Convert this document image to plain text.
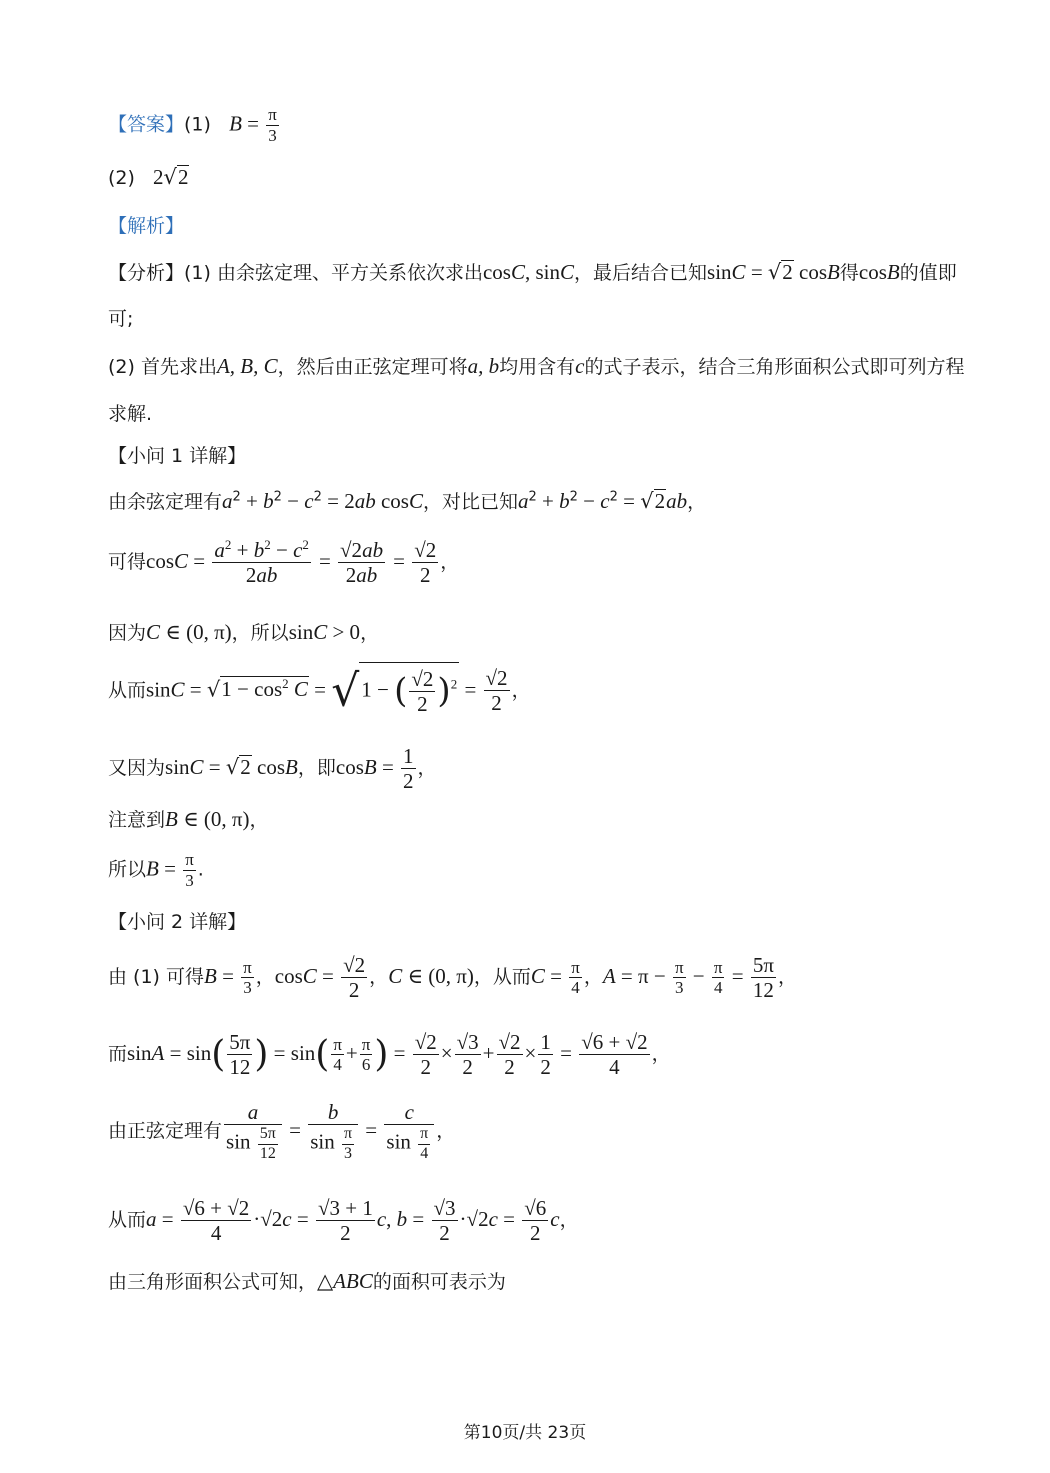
【答案】(1)   $B = \frac{\pi}{3}$
(2)   2√2
【解析】
【分析】(1) 由余弦定理、平方关系依次求出cosC, sinC，最后结合已知sinC = √2 cosB得cosB的值即
可;
(2) 首先求出A, B, C，然后由正弦定理可将a, b均用含有c的式子表示，结合三角形面积公式即可列方程
求解.
【小问 1 详解】
由余弦定理有$a^2 + b^2 - c^2 = 2ab$ cosC，对比已知$a^2 + b^2 - c^2 = √2ab$，
可得$\cos C = \frac{a^2 + b^2 - c^2}{2ab} = \frac{√2ab}{2ab} = \frac{√2}{2}$ ，
因为C ∈ (0, π)，所以sinC > 0，
从而$\sin C = √1 - \cos^2 C = √1$ − ( $\frac{√2}{2} )^2 = \frac{√2}{2}$ ，
又因为sinC = √2 cosB，即$\cos B = \frac{1}{2}$ ，
注意到B ∈ (0, π)，
所以$B = \frac{\pi}{3}$ .
【小问 2 详解】
由 (1) 可得$B = \frac{\pi}{3}$ ，$\cos C = \frac{√2}{2}$ ，C ∈ (0, π)，从而$C = \frac{\pi}{4}$ ，$A = \pi - \frac{\pi}{3} - \frac{\pi}{4} = \frac{5\pi}{12}$ ，
而$\sin A = \sin( \frac{5\pi}{12}$ ) = $\sin( \frac{\pi}{4} + \frac{\pi}{6}$ ) = $\frac{√2}{2} \times \frac{√3}{2} + \frac{√2}{2} \times \frac{1}{2} = \frac{√6 + √2}{4}$ ，
由正弦定理有 $\frac{a}{\sin \frac{5\pi}{12}} = \frac{b}{\sin \frac{\pi}{3}} = \frac{c}{\sin \frac{\pi}{4}}$ ，
从而$a = \frac{√6 + √2}{4} \cdot√2c = \frac{√3 + 1}{2} c$, $b = \frac{√3}{2} \cdot√2c = \frac{√6}{2}$ c，
由三角形面积公式可知，△ABC的面积可表示为
第10页/共 23页
